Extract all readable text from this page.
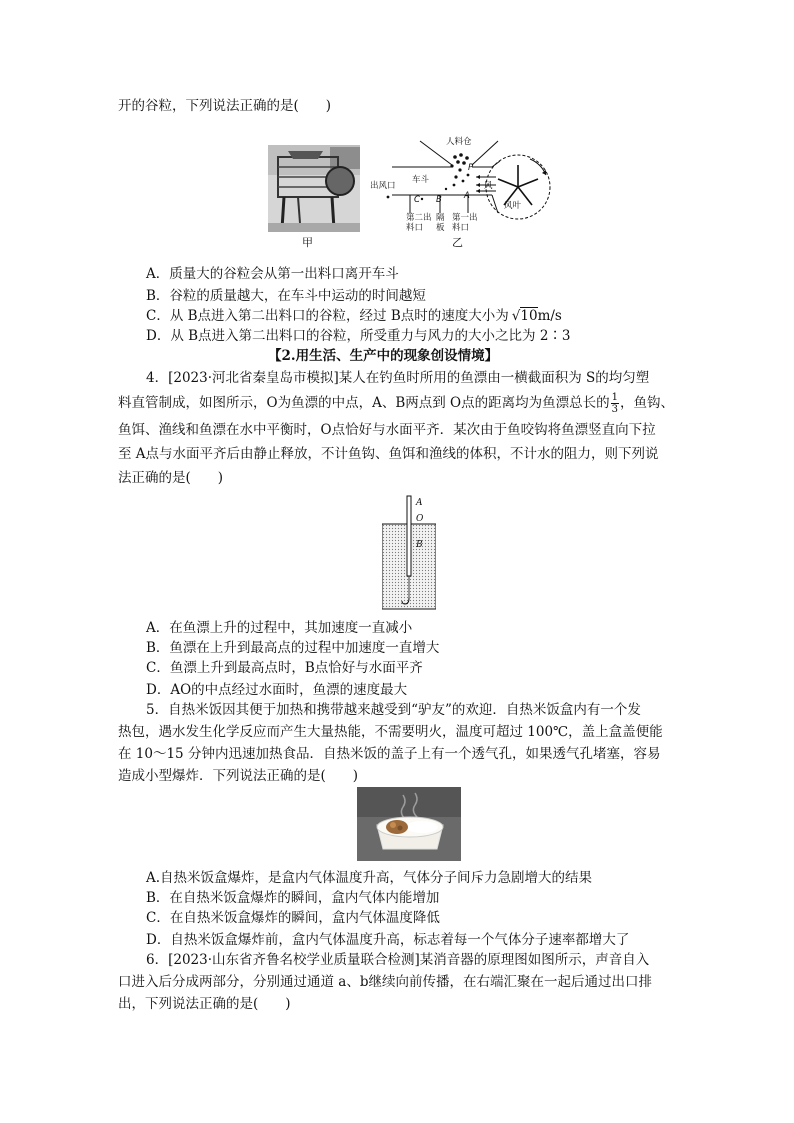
开的谷粒，下列说法正确的是(　　)
甲
人料仓
车斗
出风口	风
风叶
P
A
B
C
第二出料口
隔板
第一出料口
乙
A．质量大的谷粒会从第一出料口离开车斗
B．谷粒的质量越大，在车斗中运动的时间越短
C．从 B点进入第二出料口的谷粒，经过 B点时的速度大小为 √10m/s
D．从 B点进入第二出料口的谷粒，所受重力与风力的大小之比为 2∶3
【2.用生活、生产中的现象创设情境】
4．[2023·河北省秦皇岛市模拟]某人在钓鱼时所用的鱼漂由一横截面积为 S的均匀塑
料直管制成，如图所示，O为鱼漂的中点，A、B两点到 O点的距离均为鱼漂总长的 $\frac{1}{3}$ ，鱼钩、
鱼饵、渔线和鱼漂在水中平衡时，O点恰好与水面平齐．某次由于鱼咬钩将鱼漂竖直向下拉
至 A点与水面平齐后由静止释放，不计鱼钩、鱼饵和渔线的体积，不计水的阻力，则下列说
法正确的是(　　)
A
O
B
A．在鱼漂上升的过程中，其加速度一直减小
B．鱼漂在上升到最高点的过程中加速度一直增大
C．鱼漂上升到最高点时，B点恰好与水面平齐
D．AO的中点经过水面时，鱼漂的速度最大
5．自热米饭因其便于加热和携带越来越受到“驴友”的欢迎．自热米饭盒内有一个发
热包，遇水发生化学反应而产生大量热能，不需要明火，温度可超过 100℃，盖上盒盖便能
在 10～15 分钟内迅速加热食品．自热米饭的盖子上有一个透气孔，如果透气孔堵塞，容易
造成小型爆炸．下列说法正确的是(　　)
A.自热米饭盒爆炸，是盒内气体温度升高，气体分子间斥力急剧增大的结果
B．在自热米饭盒爆炸的瞬间，盒内气体内能增加
C．在自热米饭盒爆炸的瞬间，盒内气体温度降低
D．自热米饭盒爆炸前，盒内气体温度升高，标志着每一个气体分子速率都增大了
6．[2023·山东省齐鲁名校学业质量联合检测]某消音器的原理图如图所示，声音自入
口进入后分成两部分，分别通过通道 a、b继续向前传播，在右端汇聚在一起后通过出口排
出，下列说法正确的是(　　)
